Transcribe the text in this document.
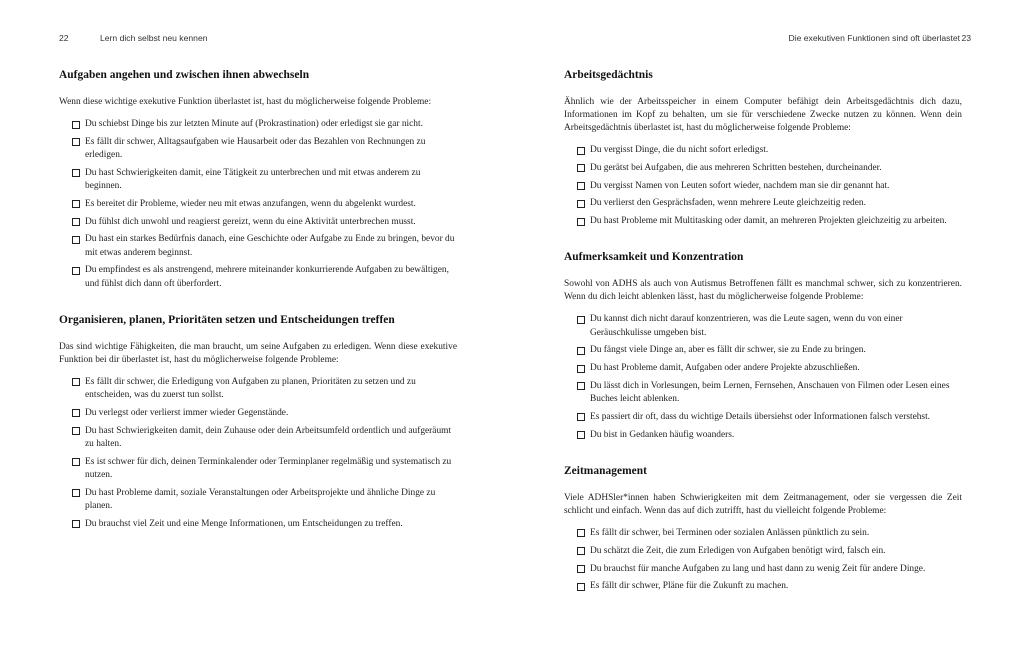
22	Lern dich selbst neu kennen
Aufgaben angehen und zwischen ihnen abwechseln

Wenn diese wichtige exekutive Funktion überlastet ist, hast du möglicherweise folgende Probleme:

Du schiebst Dinge bis zur letzten Minute auf (Prokrastination) oder erledigst sie gar nicht.
Es fällt dir schwer, Alltagsaufgaben wie Hausarbeit oder das Bezahlen von Rechnungen zu erledigen.
Du hast Schwierigkeiten damit, eine Tätigkeit zu unterbrechen und mit etwas anderem zu beginnen.
Es bereitet dir Probleme, wieder neu mit etwas anzufangen, wenn du abgelenkt wurdest.
Du fühlst dich unwohl und reagierst gereizt, wenn du eine Aktivität unterbrechen musst.
Du hast ein starkes Bedürfnis danach, eine Geschichte oder Aufgabe zu Ende zu bringen, bevor du mit etwas anderem beginnst.
Du empfindest es als anstrengend, mehrere miteinander konkurrierende Aufgaben zu bewältigen, und fühlst dich dann oft überfordert.
Organisieren, planen, Prioritäten setzen und Entscheidungen treffen

Das sind wichtige Fähigkeiten, die man braucht, um seine Aufgaben zu erledigen. Wenn diese exekutive Funktion bei dir überlastet ist, hast du möglicherweise folgende Probleme:

Es fällt dir schwer, die Erledigung von Aufgaben zu planen, Prioritäten zu setzen und zu entscheiden, was du zuerst tun sollst.
Du verlegst oder verlierst immer wieder Gegenstände.
Du hast Schwierigkeiten damit, dein Zuhause oder dein Arbeitsumfeld ordentlich und aufgeräumt zu halten.
Es ist schwer für dich, deinen Terminkalender oder Terminplaner regelmäßig und systematisch zu nutzen.
Du hast Probleme damit, soziale Veranstaltungen oder Arbeitsprojekte und ähnliche Dinge zu planen.
Du brauchst viel Zeit und eine Menge Informationen, um Entscheidungen zu treffen.
Die exekutiven Funktionen sind oft überlastet 23
Arbeitsgedächtnis

Ähnlich wie der Arbeitsspeicher in einem Computer befähigt dein Arbeitsgedächtnis dich dazu, Informationen im Kopf zu behalten, um sie für verschiedene Zwecke nutzen zu können. Wenn dein Arbeitsgedächtnis überlastet ist, hast du möglicherweise folgende Probleme:

Du vergisst Dinge, die du nicht sofort erledigst.
Du gerätst bei Aufgaben, die aus mehreren Schritten bestehen, durcheinander.
Du vergisst Namen von Leuten sofort wieder, nachdem man sie dir genannt hat.
Du verlierst den Gesprächsfaden, wenn mehrere Leute gleichzeitig reden.
Du hast Probleme mit Multitasking oder damit, an mehreren Projekten gleichzeitig zu arbeiten.
Aufmerksamkeit und Konzentration

Sowohl von ADHS als auch von Autismus Betroffenen fällt es manchmal schwer, sich zu konzentrieren. Wenn du dich leicht ablenken lässt, hast du möglicherweise folgende Probleme:

Du kannst dich nicht darauf konzentrieren, was die Leute sagen, wenn du von einer Geräuschkulisse umgeben bist.
Du fängst viele Dinge an, aber es fällt dir schwer, sie zu Ende zu bringen.
Du hast Probleme damit, Aufgaben oder andere Projekte abzuschließen.
Du lässt dich in Vorlesungen, beim Lernen, Fernsehen, Anschauen von Filmen oder Lesen eines Buches leicht ablenken.
Es passiert dir oft, dass du wichtige Details übersiehst oder Informationen falsch verstehst.
Du bist in Gedanken häufig woanders.
Zeitmanagement

Viele ADHSler*innen haben Schwierigkeiten mit dem Zeitmanagement, oder sie vergessen die Zeit schlicht und einfach. Wenn das auf dich zutrifft, hast du vielleicht folgende Probleme:

Es fällt dir schwer, bei Terminen oder sozialen Anlässen pünktlich zu sein.
Du schätzt die Zeit, die zum Erledigen von Aufgaben benötigt wird, falsch ein.
Du brauchst für manche Aufgaben zu lang und hast dann zu wenig Zeit für andere Dinge.
Es fällt dir schwer, Pläne für die Zukunft zu machen.
